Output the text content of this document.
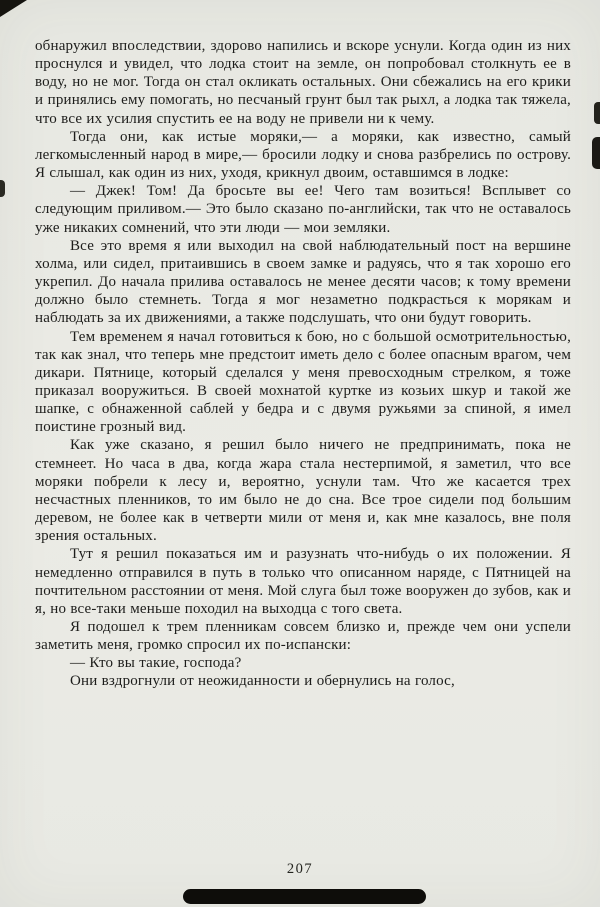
обнаружил впоследствии, здорово напились и вскоре уснули. Когда один из них проснулся и увидел, что лодка стоит на земле, он попробовал столкнуть ее в воду, но не мог. Тогда он стал окликать остальных. Они сбежались на его крики и принялись ему помогать, но песчаный грунт был так рыхл, а лодка так тяжела, что все их усилия спустить ее на воду не привели ни к чему.

Тогда они, как истые моряки,— а моряки, как известно, самый легкомысленный народ в мире,— бросили лодку и снова разбрелись по острову. Я слышал, как один из них, уходя, крикнул двоим, оставшимся в лодке:

— Джек! Том! Да бросьте вы ее! Чего там возиться! Всплывет со следующим приливом.— Это было сказано по-английски, так что не оставалось уже никаких сомнений, что эти люди — мои земляки.

Все это время я или выходил на свой наблюдательный пост на вершине холма, или сидел, притаившись в своем замке и радуясь, что я так хорошо его укрепил. До начала прилива оставалось не менее десяти часов; к тому времени должно было стемнеть. Тогда я мог незаметно подкрасться к морякам и наблюдать за их движениями, а также подслушать, что они будут говорить.

Тем временем я начал готовиться к бою, но с большой осмотрительностью, так как знал, что теперь мне предстоит иметь дело с более опасным врагом, чем дикари. Пятнице, который сделался у меня превосходным стрелком, я тоже приказал вооружиться. В своей мохнатой куртке из козьих шкур и такой же шапке, с обнаженной саблей у бедра и с двумя ружьями за спиной, я имел поистине грозный вид.

Как уже сказано, я решил было ничего не предпринимать, пока не стемнеет. Но часа в два, когда жара стала нестерпимой, я заметил, что все моряки побрели к лесу и, вероятно, уснули там. Что же касается трех несчастных пленников, то им было не до сна. Все трое сидели под большим деревом, не более как в четверти мили от меня и, как мне казалось, вне поля зрения остальных.

Тут я решил показаться им и разузнать что-нибудь о их положении. Я немедленно отправился в путь в только что описанном наряде, с Пятницей на почтительном расстоянии от меня. Мой слуга был тоже вооружен до зубов, как и я, но все-таки меньше походил на выходца с того света.

Я подошел к трем пленникам совсем близко и, прежде чем они успели заметить меня, громко спросил их по-испански:

— Кто вы такие, господа?

Они вздрогнули от неожиданности и обернулись на голос,

207
